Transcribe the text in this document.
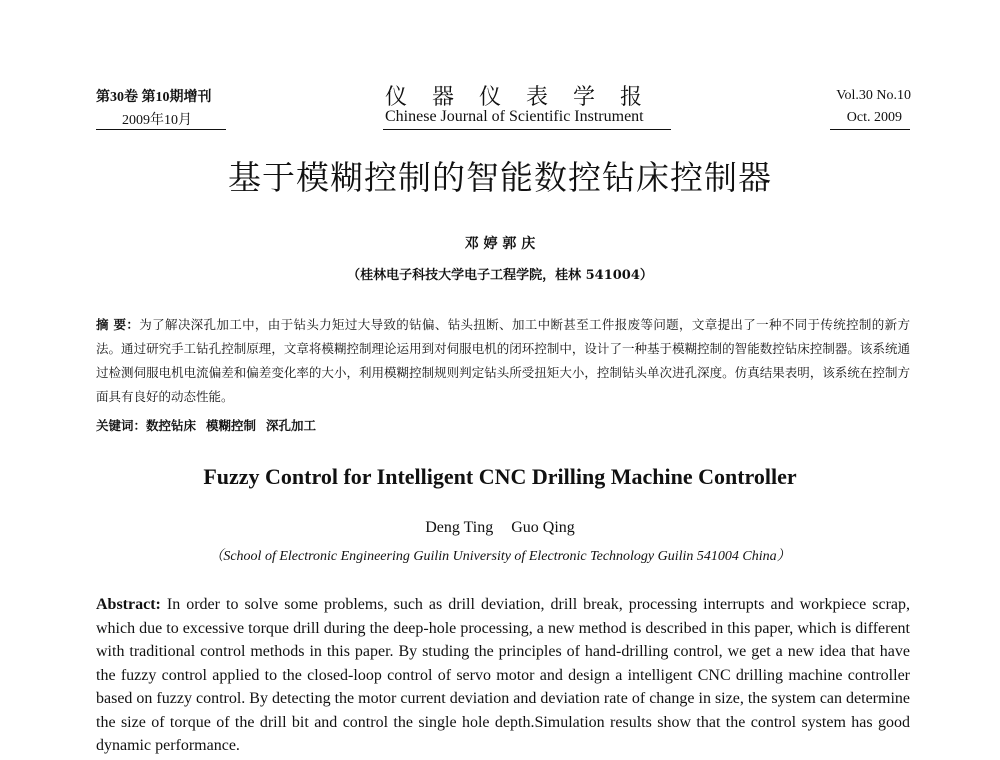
第30卷 第10期增刊
2009年10月
仪器仪表学报
Chinese Journal of Scientific Instrument
Vol.30 No.10
Oct. 2009
基于模糊控制的智能数控钻床控制器
邓 婷 郭 庆
（桂林电子科技大学电子工程学院，桂林 541004）
摘 要：为了解决深孔加工中，由于钻头力矩过大导致的钻偏、钻头扭断、加工中断甚至工件报废等问题，文章提出了一种不同于传统控制的新方法。通过研究手工钻孔控制原理，文章将模糊控制理论运用到对伺服电机的闭环控制中，设计了一种基于模糊控制的智能数控钻床控制器。该系统通过检测伺服电机电流偏差和偏差变化率的大小，利用模糊控制规则判定钻头所受扭矩大小，控制钻头单次进孔深度。仿真结果表明，该系统在控制方面具有良好的动态性能。
关键词：数控钻床 模糊控制 深孔加工
Fuzzy Control for Intelligent CNC Drilling Machine Controller
Deng Ting Guo Qing
（School of Electronic Engineering Guilin University of Electronic Technology Guilin 541004 China）
Abstract: In order to solve some problems, such as drill deviation, drill break, processing interrupts and workpiece scrap, which due to excessive torque drill during the deep-hole processing, a new method is described in this paper, which is different with traditional control methods in this paper. By studing the principles of hand-drilling control, we get a new idea that have the fuzzy control applied to the closed-loop control of servo motor and design a intelligent CNC drilling machine controller based on fuzzy control. By detecting the motor current deviation and deviation rate of change in size, the system can determine the size of torque of the drill bit and control the single hole depth.Simulation results show that the control system has good dynamic performance.
